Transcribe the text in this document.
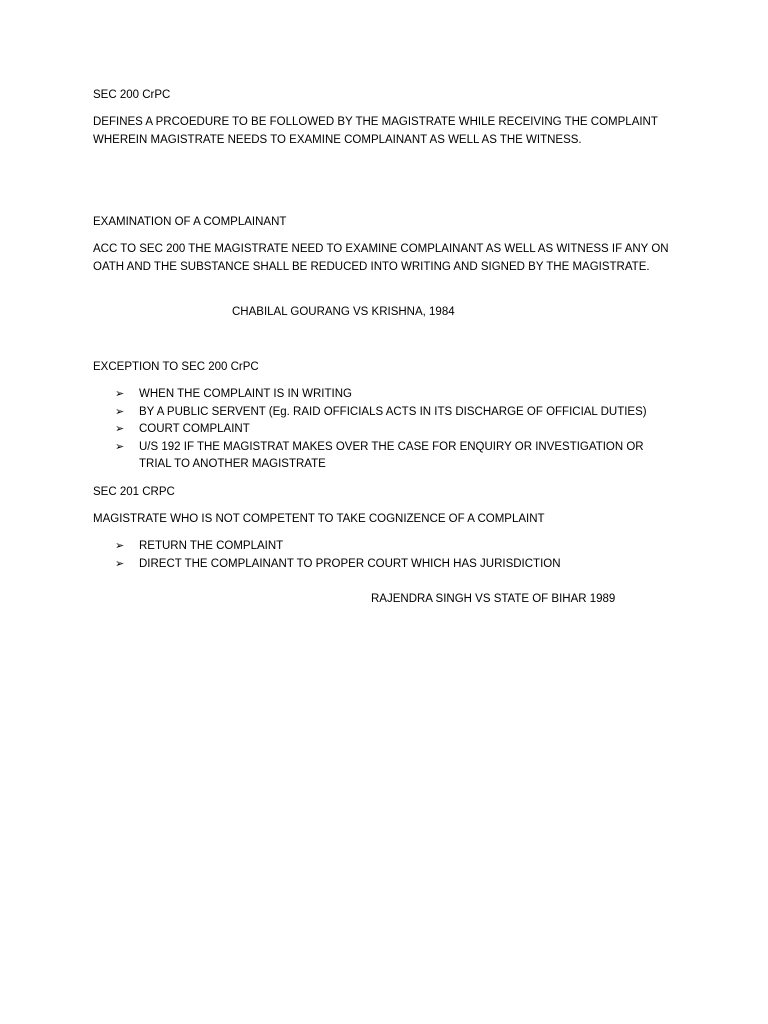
SEC 200 CrPC
DEFINES A PRCOEDURE TO BE FOLLOWED BY THE MAGISTRATE WHILE RECEIVING THE COMPLAINT WHEREIN MAGISTRATE NEEDS TO EXAMINE COMPLAINANT AS WELL AS THE WITNESS.
EXAMINATION OF A COMPLAINANT
ACC TO SEC 200 THE MAGISTRATE NEED TO EXAMINE COMPLAINANT AS WELL AS WITNESS IF ANY ON OATH AND THE SUBSTANCE SHALL BE REDUCED INTO WRITING AND SIGNED BY THE MAGISTRATE.
CHABILAL GOURANG VS KRISHNA, 1984
EXCEPTION TO SEC 200 CrPC
➢ WHEN THE COMPLAINT IS IN WRITING
➢ BY A PUBLIC SERVENT (Eg. RAID OFFICIALS ACTS IN ITS DISCHARGE OF OFFICIAL DUTIES)
➢ COURT COMPLAINT
➢ U/S 192 IF THE MAGISTRAT MAKES OVER THE CASE FOR ENQUIRY OR INVESTIGATION OR TRIAL TO ANOTHER MAGISTRATE
SEC 201 CRPC
MAGISTRATE WHO IS NOT COMPETENT TO TAKE COGNIZENCE OF A COMPLAINT
➢ RETURN THE COMPLAINT
➢ DIRECT THE COMPLAINANT TO PROPER COURT WHICH HAS JURISDICTION
RAJENDRA SINGH VS STATE OF BIHAR 1989
